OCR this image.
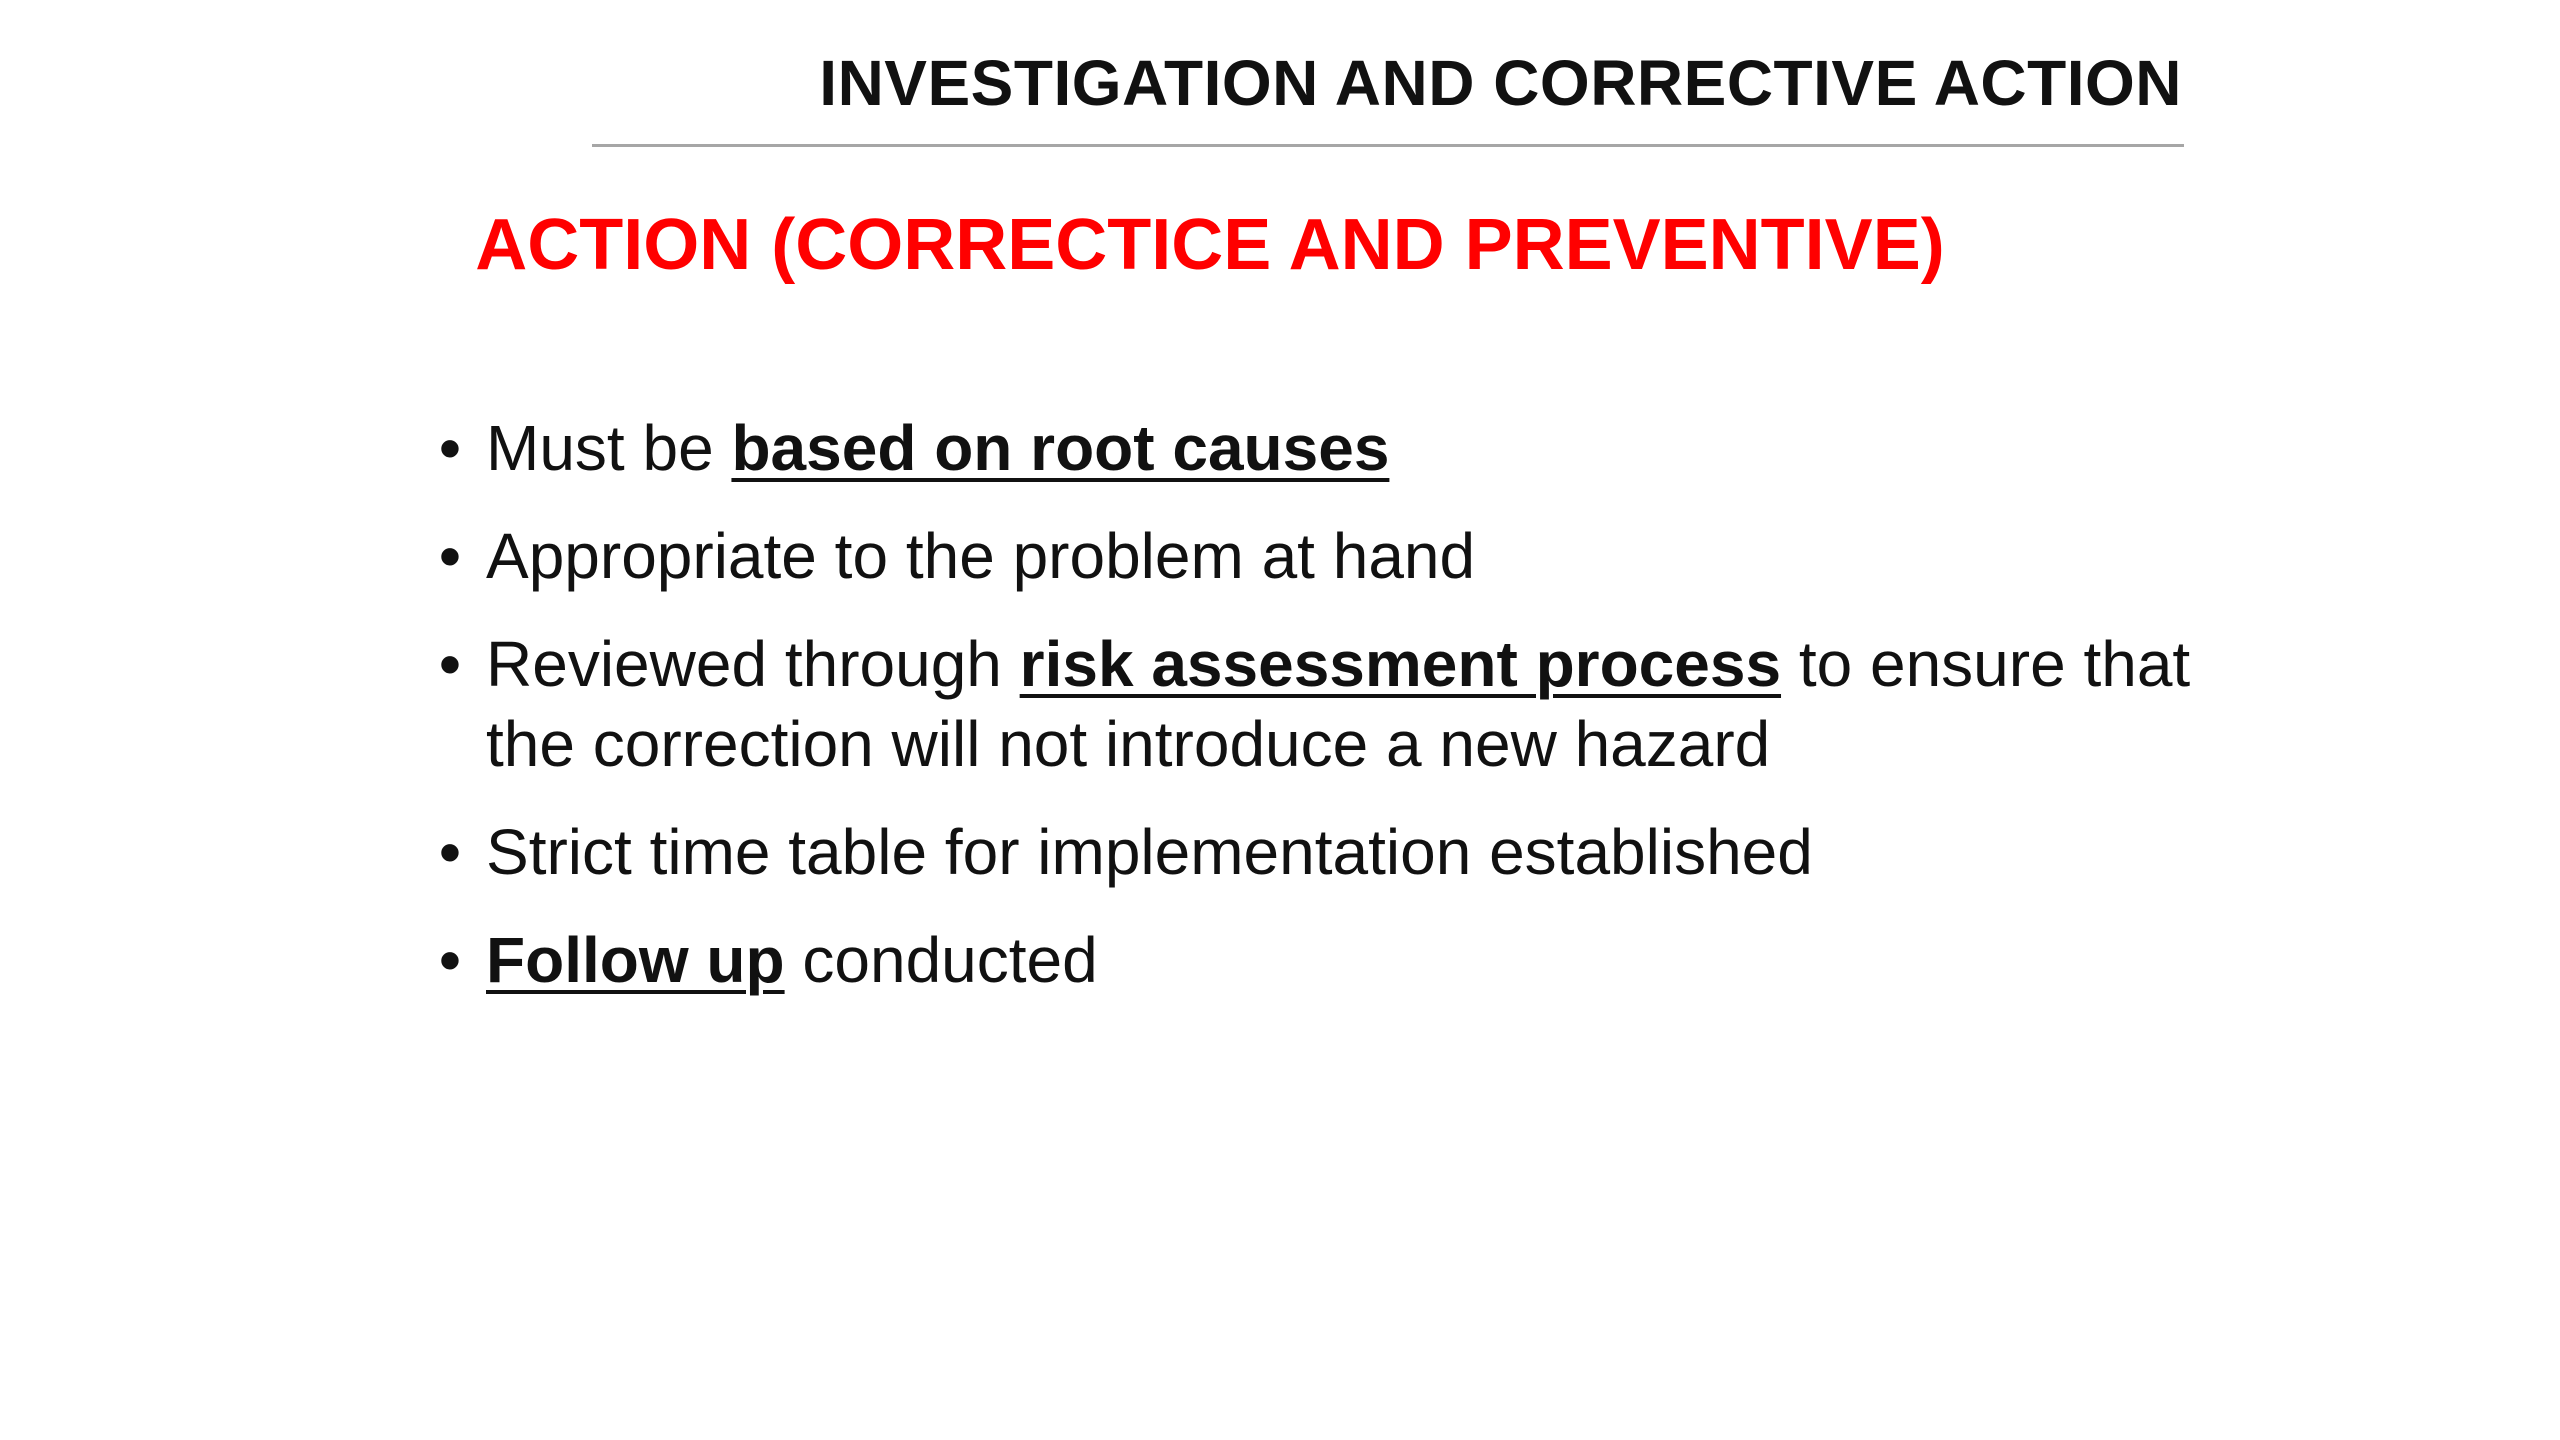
INVESTIGATION AND CORRECTIVE ACTION
ACTION (CORRECTICE AND PREVENTIVE)
• Must be based on root causes
• Appropriate to the problem at hand
• Reviewed through risk assessment process to ensure that the correction will not introduce a new hazard
• Strict time table for implementation established
• Follow up conducted
